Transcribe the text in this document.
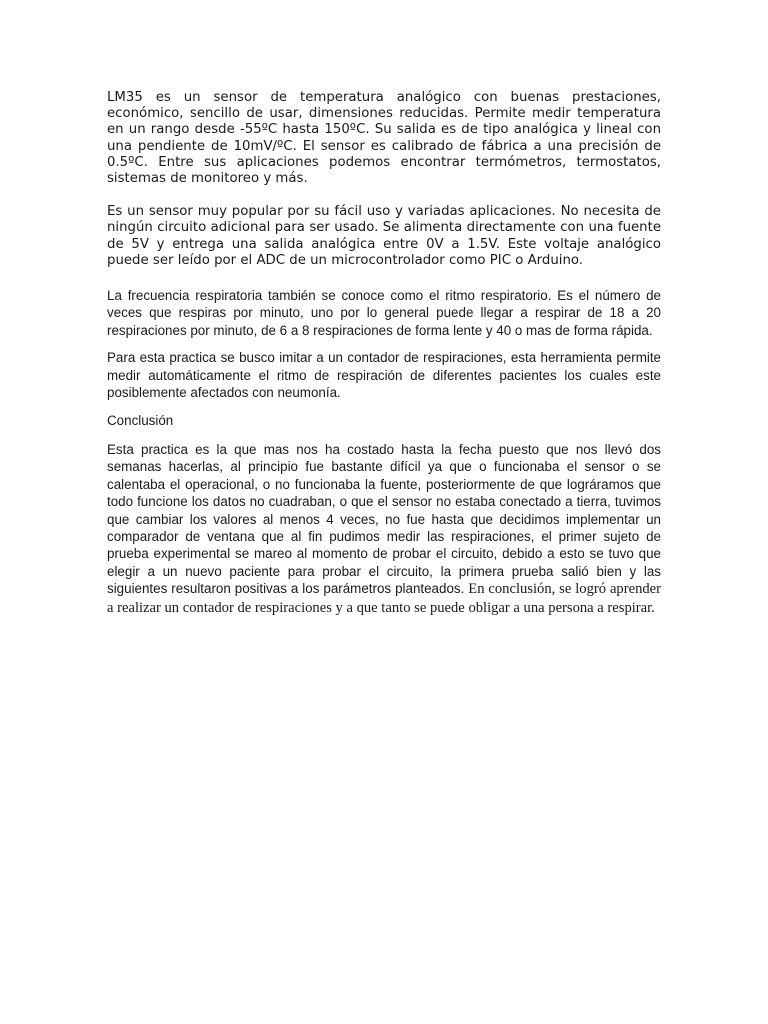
LM35 es un sensor de temperatura analógico con buenas prestaciones, económico, sencillo de usar, dimensiones reducidas. Permite medir temperatura en un rango desde -55ºC hasta 150ºC. Su salida es de tipo analógica y lineal con una pendiente de 10mV/ºC. El sensor es calibrado de fábrica a una precisión de 0.5ºC. Entre sus aplicaciones podemos encontrar termómetros, termostatos, sistemas de monitoreo y más.

Es un sensor muy popular por su fácil uso y variadas aplicaciones. No necesita de ningún circuito adicional para ser usado. Se alimenta directamente con una fuente de 5V y entrega una salida analógica entre 0V a 1.5V. Este voltaje analógico puede ser leído por el ADC de un microcontrolador como PIC o Arduino.

La frecuencia respiratoria también se conoce como el ritmo respiratorio. Es el número de veces que respiras por minuto, uno por lo general puede llegar a respirar de 18 a 20 respiraciones por minuto, de 6 a 8 respiraciones de forma lente y 40 o mas de forma rápida.

Para esta practica se busco imitar a un contador de respiraciones, esta herramienta permite medir automáticamente el ritmo de respiración de diferentes pacientes los cuales este posiblemente afectados con neumonía.

Conclusión

Esta practica es la que mas nos ha costado hasta la fecha puesto que nos llevó dos semanas hacerlas, al principio fue bastante difícil ya que o funcionaba el sensor o se calentaba el operacional, o no funcionaba la fuente, posteriormente de que lográramos que todo funcione los datos no cuadraban, o que el sensor no estaba conectado a tierra, tuvimos que cambiar los valores al menos 4 veces, no fue hasta que decidimos implementar un comparador de ventana que al fin pudimos medir las respiraciones, el primer sujeto de prueba experimental se mareo al momento de probar el circuito, debido a esto se tuvo que elegir a un nuevo paciente para probar el circuito, la primera prueba salió bien y las siguientes resultaron positivas a los parámetros planteados. En conclusión, se logró aprender a realizar un contador de respiraciones y a que tanto se puede obligar a una persona a respirar.
